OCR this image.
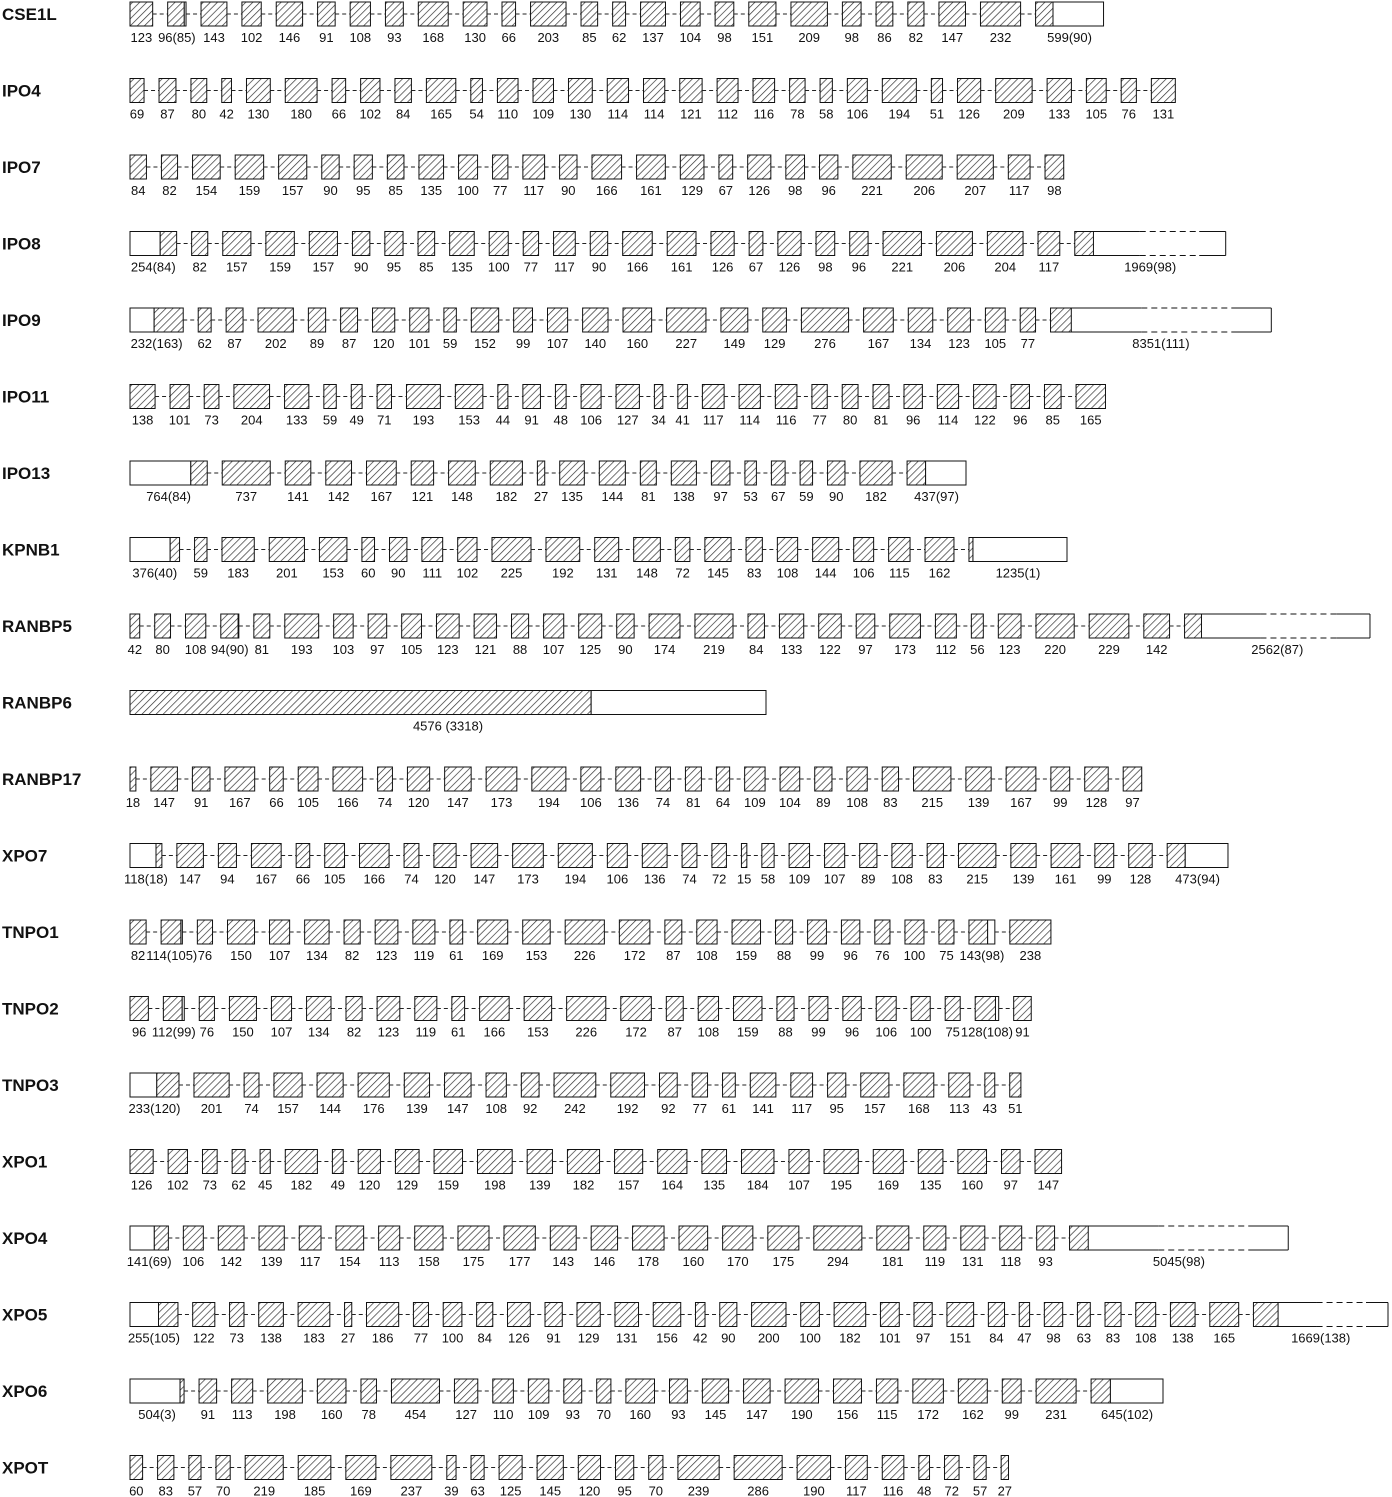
CSE1L
123 96(85) 143 102 146 91 108 93 168 130 66 203 85 62 137 104 98 151 209 98 86 82 147 232	599(90)
IPO4
69 87 80 42 130 180 66 102 84 165 54 110 109 130 114 114 121 112 116 78 58 106 194 51 126 209 133 105 76 131
IPO7
84 82 154 159 157 90 95 85 135 100 77 117 90 166 161 129 67 126 98 96 221 206 207 117 98
IPO8
254(84) 82 157 159 157 90 95 85 135 100 77 117 90 166 161 126 67 126 98 96 221 206 204 117	1969(98)
IPO9
232(163) 62 87 202 89 87 120 101 59 152 99 107 140 160 227 149 129 276 167 134 123 105 77	8351(111)
IPO11
138 101 73 204 133 59 49 71 193 153 44 91 48 106 127 34 41 117 114 116 77 80 81 96 114 122 96 85 165
IPO13
764(84)	737 141 142 167 121 148 182 27 135 144 81 138 97 53 67 59 90 182 437(97)
KPNB1
376(40) 59 183 201 153 60 90 111 102 225 192 131 148 72 145 83 108 144 106 115 162	1235(1)
RANBP5
42 80 108 94(90) 81 193 103 97 105 123 121 88 107 125 90 174 219 84 133 122 97 173 112 56 123 220 229 142	2562(87)
RANBP6
4576 (3318)
RANBP17
18 147 91 167 66 105 166 74 120 147 173 194 106 136 74 81 64 109 104 89 108 83 215 139 167 99 128 97
XPO7
118(18) 147 94 167 66 105 166 74 120 147 173 194 106 136 74 72 15 58 109 107 89 108 83 215 139 161 99 128 473(94)
TNPO1
82 114(105) 76 150 107 134 82 123 119 61 169 153 226 172 87 108 159 88 99 96 76 100 75 143(98) 238
TNPO2
96 112(99) 76 150 107 134 82 123 119 61 166 153 226 172 87 108 159 88 99 96 106 100 75 128(108) 91
TNPO3
233(120) 201 74 157 144 176 139 147 108 92 242 192 92 77 61 141 117 95 157 168 113 43 51
XPO1
126 102 73 62 45 182 49 120 129 159 198 139 182 157 164 135 184 107 195 169 135 160 97 147
XPO4
141(69) 106 142 139 117 154 113 158 175 177 143 146 178 160 170 175	294	181 119 131 118 93	5045(98)
XPO5
255(105) 122 73 138 183 27 186 77 100 84 126 91 129 131 156 42 90 200 100 182 101 97 151 84 47 98 63 83 108 138 165	1669(138)
XPO6
504(3) 91 113 198 160 78 454 127 110 109 93 70 160 93 145 147 190 156 115 172 162 99 231	645(102)
XPOT
60 83 57 70 219 185 169 237 39 63 125 145 120 95 70 239	286	190 117 116 48 72 57 27
